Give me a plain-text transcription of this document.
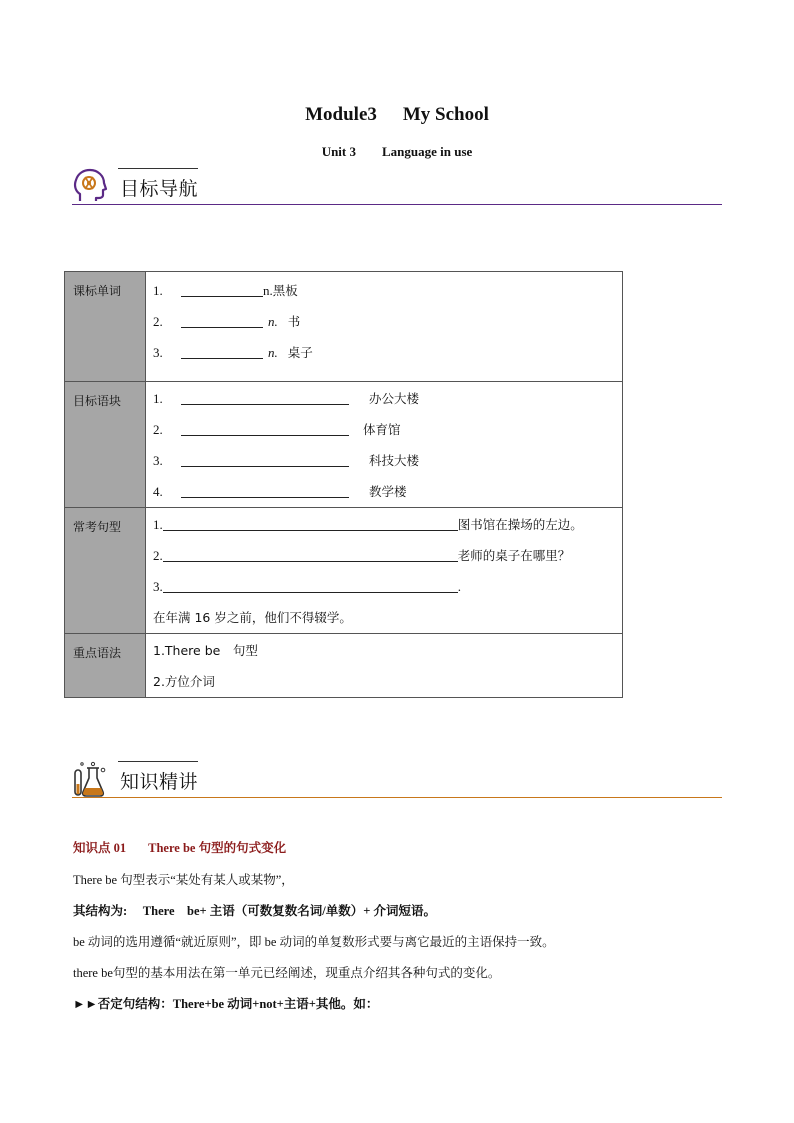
Module3 My School
Unit 3 Language in use
目标导航
课标单词	1. n.黑板
2. n. 书
3. n. 桌子

目标语块	1. 办公大楼
2. 体育馆
3. 科技大楼
4. 教学楼

常考句型	1. 图书馆在操场的左边。
2. 老师的桌子在哪里？
3. .
在年满 16 岁之前，他们不得辍学。

重点语法	1.There be　句型
2.方位介词
知识精讲
知识点 01 There be 句型的句式变化
There be 句型表示“某处有某人或某物”，
其结构为:　 There　be+ 主语（可数复数名词/单数）+ 介词短语。
be 动词的选用遵循“就近原则”，即 be 动词的单复数形式要与离它最近的主语保持一致。
there be句型的基本用法在第一单元已经阐述，现重点介绍其各种句式的变化。
►►否定句结构：There+be 动词+not+主语+其他。如：
